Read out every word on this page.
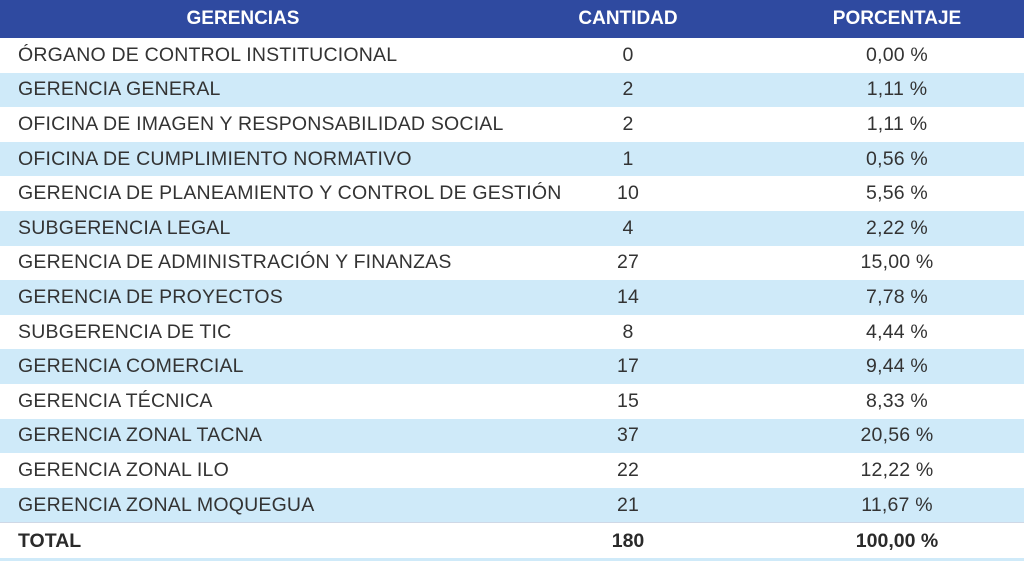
GERENCIAS	CANTIDAD	PORCENTAJE
ÓRGANO DE CONTROL INSTITUCIONAL	0	0,00 %
GERENCIA GENERAL	2	1,11 %
OFICINA DE IMAGEN Y RESPONSABILIDAD SOCIAL	2	1,11 %
OFICINA DE CUMPLIMIENTO NORMATIVO	1	0,56 %
GERENCIA DE PLANEAMIENTO Y CONTROL DE GESTIÓN	10	5,56 %
SUBGERENCIA LEGAL	4	2,22 %
GERENCIA DE ADMINISTRACIÓN Y FINANZAS	27	15,00 %
GERENCIA DE PROYECTOS	14	7,78 %
SUBGERENCIA DE TIC	8	4,44 %
GERENCIA COMERCIAL	17	9,44 %
GERENCIA TÉCNICA	15	8,33 %
GERENCIA ZONAL TACNA	37	20,56 %
GERENCIA ZONAL ILO	22	12,22 %
GERENCIA ZONAL MOQUEGUA	21	11,67 %
TOTAL	180	100,00 %
